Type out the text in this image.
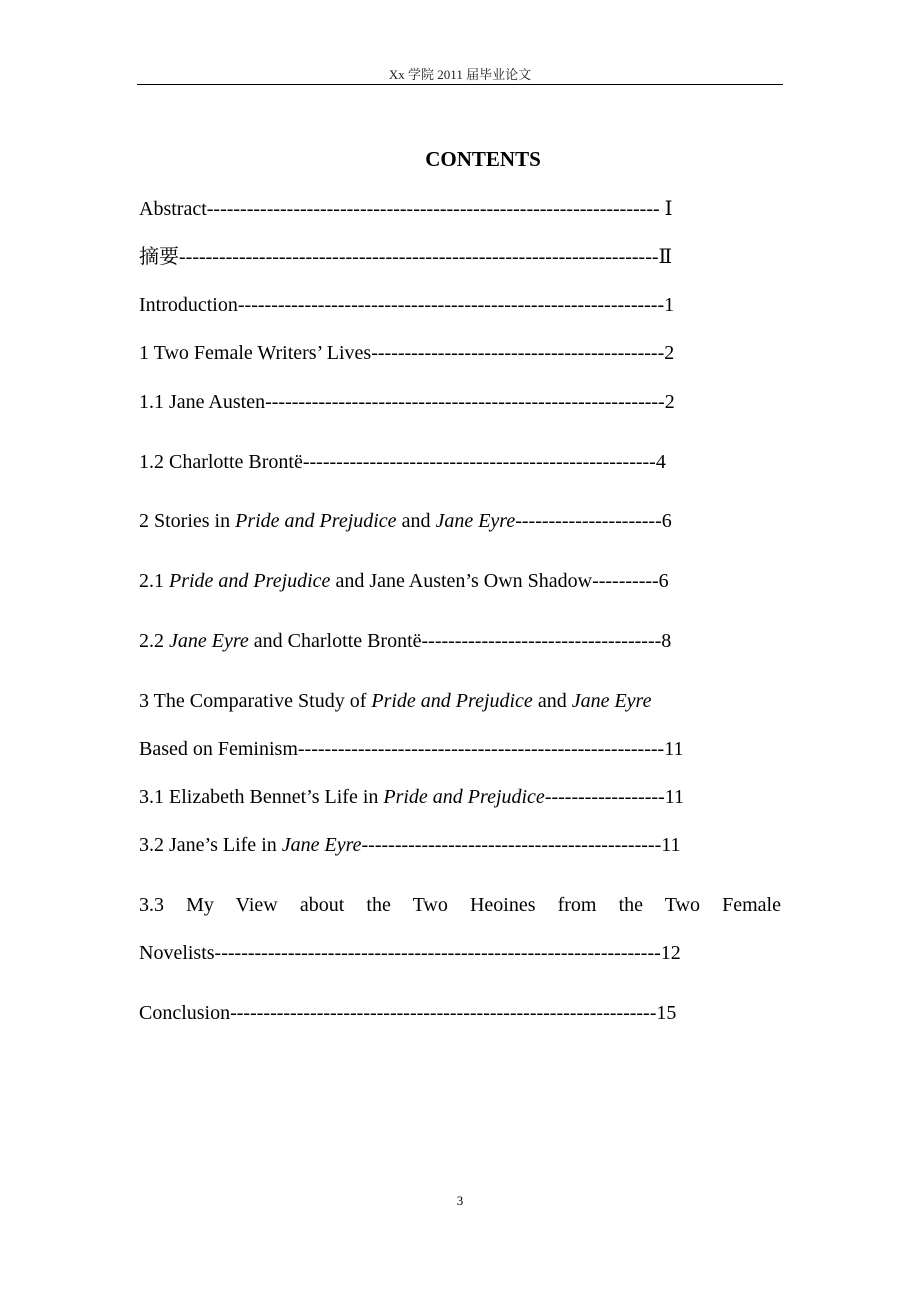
Xx 学院 2011 届毕业论文
CONTENTS
Abstract-------------------------------------------------------------------- Ⅰ
摘要------------------------------------------------------------------------Ⅱ
Introduction----------------------------------------------------------------1
1 Two Female Writers’ Lives--------------------------------------------2
1.1 Jane Austen------------------------------------------------------------2
1.2 Charlotte Brontë-----------------------------------------------------4
2 Stories in Pride and Prejudice and Jane Eyre----------------------6
2.1 Pride and Prejudice and Jane Austen’s Own Shadow----------6
2.2 Jane Eyre and Charlotte Brontë------------------------------------8
3 The Comparative Study of Pride and Prejudice and Jane Eyre
Based on Feminism-------------------------------------------------------11
3.1 Elizabeth Bennet’s Life in Pride and Prejudice------------------11
3.2 Jane’s Life in Jane Eyre---------------------------------------------11
3.3 My View about the Two Heoines from the Two Female
Novelists-------------------------------------------------------------------12
Conclusion----------------------------------------------------------------15
3
